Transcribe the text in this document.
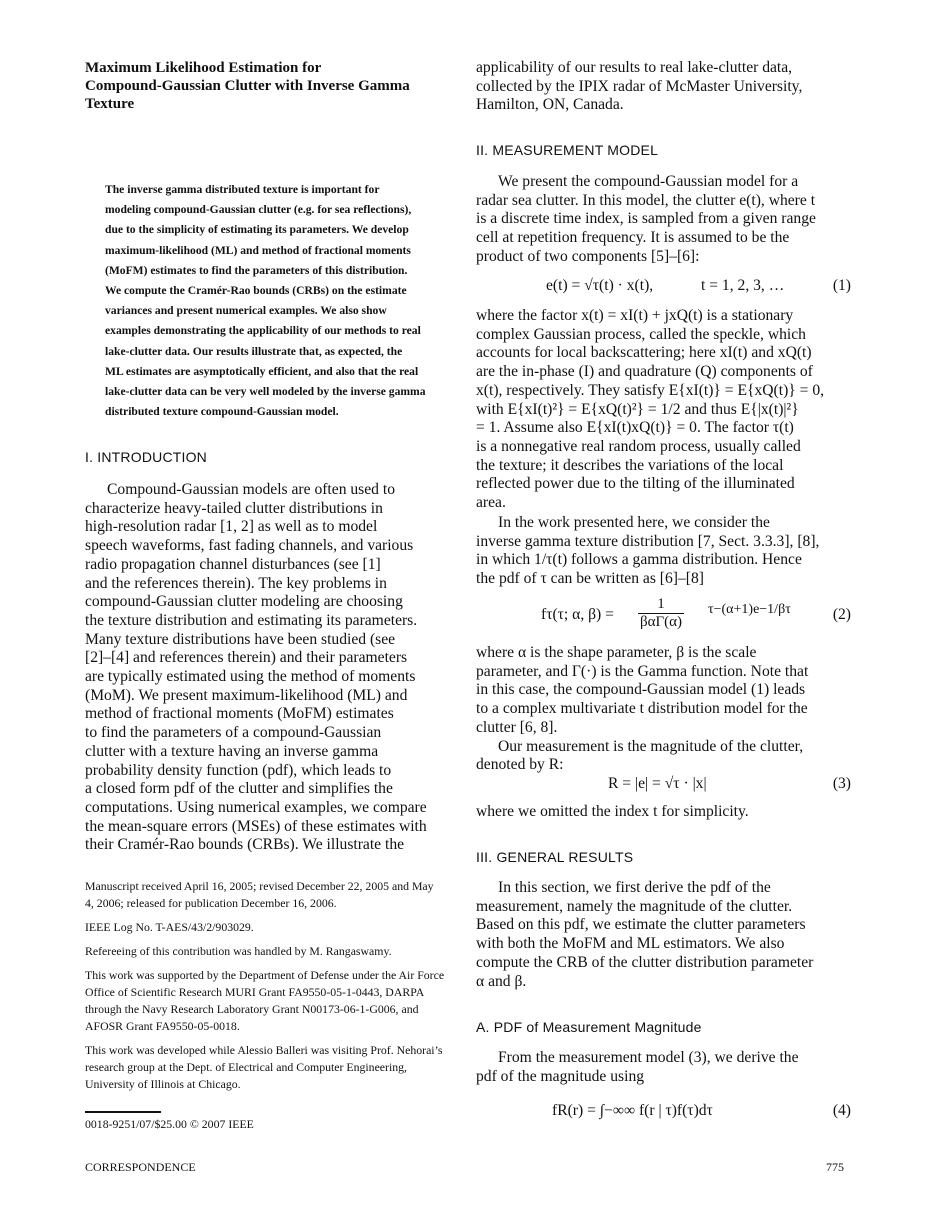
Maximum Likelihood Estimation for
Compound-Gaussian Clutter with Inverse Gamma
Texture
The inverse gamma distributed texture is important for
modeling compound-Gaussian clutter (e.g. for sea reflections),
due to the simplicity of estimating its parameters. We develop
maximum-likelihood (ML) and method of fractional moments
(MoFM) estimates to find the parameters of this distribution.
We compute the Cramér-Rao bounds (CRBs) on the estimate
variances and present numerical examples. We also show
examples demonstrating the applicability of our methods to real
lake-clutter data. Our results illustrate that, as expected, the
ML estimates are asymptotically efficient, and also that the real
lake-clutter data can be very well modeled by the inverse gamma
distributed texture compound-Gaussian model.
I. INTRODUCTION
Compound-Gaussian models are often used to
characterize heavy-tailed clutter distributions in
high-resolution radar [1, 2] as well as to model
speech waveforms, fast fading channels, and various
radio propagation channel disturbances (see [1]
and the references therein). The key problems in
compound-Gaussian clutter modeling are choosing
the texture distribution and estimating its parameters.
Many texture distributions have been studied (see
[2]–[4] and references therein) and their parameters
are typically estimated using the method of moments
(MoM). We present maximum-likelihood (ML) and
method of fractional moments (MoFM) estimates
to find the parameters of a compound-Gaussian
clutter with a texture having an inverse gamma
probability density function (pdf), which leads to
a closed form pdf of the clutter and simplifies the
computations. Using numerical examples, we compare
the mean-square errors (MSEs) of these estimates with
their Cramér-Rao bounds (CRBs). We illustrate the

Manuscript received April 16, 2005; revised December 22, 2005 and May 4, 2006; released for publication December 16, 2006.

IEEE Log No. T-AES/43/2/903029.

Refereeing of this contribution was handled by M. Rangaswamy.

This work was supported by the Department of Defense under the Air Force Office of Scientific Research MURI Grant FA9550-05-1-0443, DARPA through the Navy Research Laboratory Grant N00173-06-1-G006, and AFOSR Grant FA9550-05-0018.

This work was developed while Alessio Balleri was visiting Prof. Nehorai’s research group at the Dept. of Electrical and Computer Engineering, University of Illinois at Chicago.

0018-9251/07/$25.00 © 2007 IEEE
CORRESPONDENCE	775
applicability of our results to real lake-clutter data,
collected by the IPIX radar of McMaster University,
Hamilton, ON, Canada.
II. MEASUREMENT MODEL
We present the compound-Gaussian model for a
radar sea clutter. In this model, the clutter e(t), where t
is a discrete time index, is sampled from a given range
cell at repetition frequency. It is assumed to be the
product of two components [5]–[6]:
e(t) = √τ(t) · x(t),	t = 1, 2, 3, …	(1)
where the factor x(t) = xI(t) + jxQ(t) is a stationary
complex Gaussian process, called the speckle, which
accounts for local backscattering; here xI(t) and xQ(t)
are the in-phase (I) and quadrature (Q) components of
x(t), respectively. They satisfy E{xI(t)} = E{xQ(t)} = 0,
with E{xI(t)²} = E{xQ(t)²} = 1/2 and thus E{|x(t)|²}
= 1. Assume also E{xI(t)xQ(t)} = 0. The factor τ(t)
is a nonnegative real random process, usually called
the texture; it describes the variations of the local
reflected power due to the tilting of the illuminated
area.
In the work presented here, we consider the
inverse gamma texture distribution [7, Sect. 3.3.3], [8],
in which 1/τ(t) follows a gamma distribution. Hence
the pdf of τ can be written as [6]–[8]
fτ(τ; α, $\beta) = \frac{1}{\text{βαΓ(α)}} \tau-(\alpha+1)e-1/\beta\tau$	(2)
where α is the shape parameter, β is the scale
parameter, and Γ(·) is the Gamma function. Note that
in this case, the compound-Gaussian model (1) leads
to a complex multivariate t distribution model for the
clutter [6, 8].
Our measurement is the magnitude of the clutter,
denoted by R:
R = |e| = √τ · |x|	(3)
where we omitted the index t for simplicity.
III. GENERAL RESULTS
In this section, we first derive the pdf of the
measurement, namely the magnitude of the clutter.
Based on this pdf, we estimate the clutter parameters
with both the MoFM and ML estimators. We also
compute the CRB of the clutter distribution parameter
α and β.
A. PDF of Measurement Magnitude
From the measurement model (3), we derive the
pdf of the magnitude using
fR(r) = ∫−∞∞ f(r | τ)f(τ)dτ	(4)
